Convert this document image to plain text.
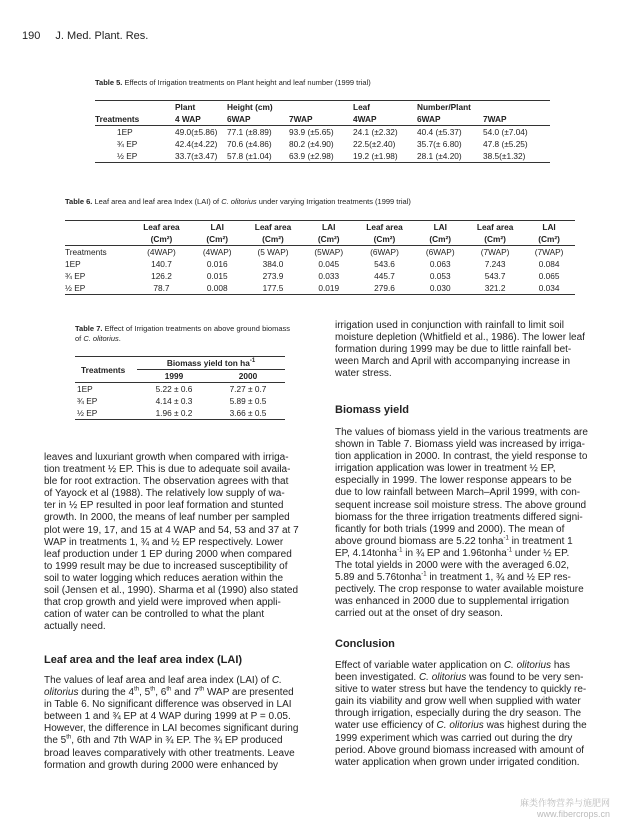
190 J. Med. Plant. Res.
Table 5. Effects of Irrigation treatments on Plant height and leaf number (1999 trial)
	Plant	Height (cm)		Leaf	Number/Plant	
Treatments	4 WAP	6WAP	7WAP	4WAP	6WAP	7WAP
1EP	49.0(±5.86)	77.1 (±8.89)	93.9 (±5.65)	24.1 (±2.32)	40.4 (±5.37)	54.0 (±7.04)
¾ EP	42.4(±4.22)	70.6 (±4.86)	80.2 (±4.90)	22.5(±2.40)	35.7(± 6.80)	47.8 (±5.25)
½ EP	33.7(±3.47)	57.8 (±1.04)	63.9 (±2.98)	19.2 (±1.98)	28.1 (±4.20)	38.5(±1.32)
Table 6. Leaf area and leaf area Index (LAI) of C. olitorius under varying Irrigation treatments (1999 trial)
	Leaf area	LAI	Leaf area	LAI	Leaf area	LAI	Leaf area	LAI
	(Cm²)	(Cm²)	(Cm²)	(Cm²)	(Cm²)	(Cm²)	(Cm²)	(Cm²)
Treatments	(4WAP)	(4WAP)	(5 WAP)	(5WAP)	(6WAP)	(6WAP)	(7WAP)	(7WAP)
1EP	140.7	0.016	384.0	0.045	543.6	0.063	7.243	0.084
¾ EP	126.2	0.015	273.9	0.033	445.7	0.053	543.7	0.065
½ EP	78.7	0.008	177.5	0.019	279.6	0.030	321.2	0.034
Table 7. Effect of Irrigation treatments on above ground biomass of C. olitorius.
Treatments	Biomass yield ton $ha^{-1}$
	1999	2000
1EP	5.22 ± 0.6	7.27 ± 0.7
¾ EP	4.14 ± 0.3	5.89 ± 0.5
½ EP	1.96 ± 0.2	3.66 ± 0.5
leaves and luxuriant growth when compared with irriga-
tion treatment ½ EP. This is due to adequate soil availa-
ble for root extraction. The observation agrees with that
of Yayock et al (1988). The relatively low supply of wa-
ter in ½ EP resulted in poor leaf formation and stunted
growth. In 2000, the means of leaf number per sampled
plot were 19, 17, and 15 at 4 WAP and 54, 53 and 37 at 7
WAP in treatments 1, ¾ and ½ EP respectively. Lower
leaf production under 1 EP during 2000 when compared
to 1999 result may be due to increased susceptibility of
soil to water logging which reduces aeration within the
soil (Jensen et al., 1990). Sharma et al (1990) also stated
that crop growth and yield were improved when appli-
cation of water can be controlled to what the plant
actually need.
Leaf area and the leaf area index (LAI)
The values of leaf area and leaf area index (LAI) of C.
olitorius during the 4th, 5th, 6th and 7th WAP are presented
in Table 6. No significant difference was observed in LAI
between 1 and ¾ EP at 4 WAP during 1999 at P = 0.05.
However, the difference in LAI becomes significant during
the 5th, 6th and 7th WAP in ¾ EP. The ¾ EP produced
broad leaves comparatively with other treatments. Leave
formation and growth during 2000 were enhanced by
irrigation used in conjunction with rainfall to limit soil
moisture depletion (Whitfield et al., 1986). The lower leaf
formation during 1999 may be due to little rainfall bet-
ween March and April with accompanying increase in
water stress.
Biomass yield
The values of biomass yield in the various treatments are
shown in Table 7. Biomass yield was increased by irriga-
tion application in 2000. In contrast, the yield response to
irrigation application was lower in treatment ½ EP,
especially in 1999. The lower response appears to be
due to low rainfall between March–April 1999, with con-
sequent increase soil moisture stress. The above ground
biomass for the three irrigation treatments differed signi-
ficantly for both trials (1999 and 2000). The mean of
above ground biomass are 5.22 tonha$^{-1}$ in treatment 1
EP, 4.14tonha$^{-1}$ in ¾ EP and 1.96tonha$^{-1}$ under ½ EP.
The total yields in 2000 were with the averaged 6.02,
5.89 and 5.76tonha$^{-1}$ in treatment 1, ¾ and ½ EP res-
pectively. The crop response to water available moisture
was enhanced in 2000 due to supplemental irrigation
carried out at the onset of dry season.
Conclusion
Effect of variable water application on C. olitorius has
been investigated. C. olitorius was found to be very sen-
sitive to water stress but have the tendency to quickly re-
gain its viability and grow well when supplied with water
through irrigation, especially during the dry season. The
water use efficiency of C. olitorius was highest during the
1999 experiment which was carried out during the dry
period. Above ground biomass increased with amount of
water application when grown under irrigated condition.
麻类作物营养与施肥网
www.fibercrops.cn
